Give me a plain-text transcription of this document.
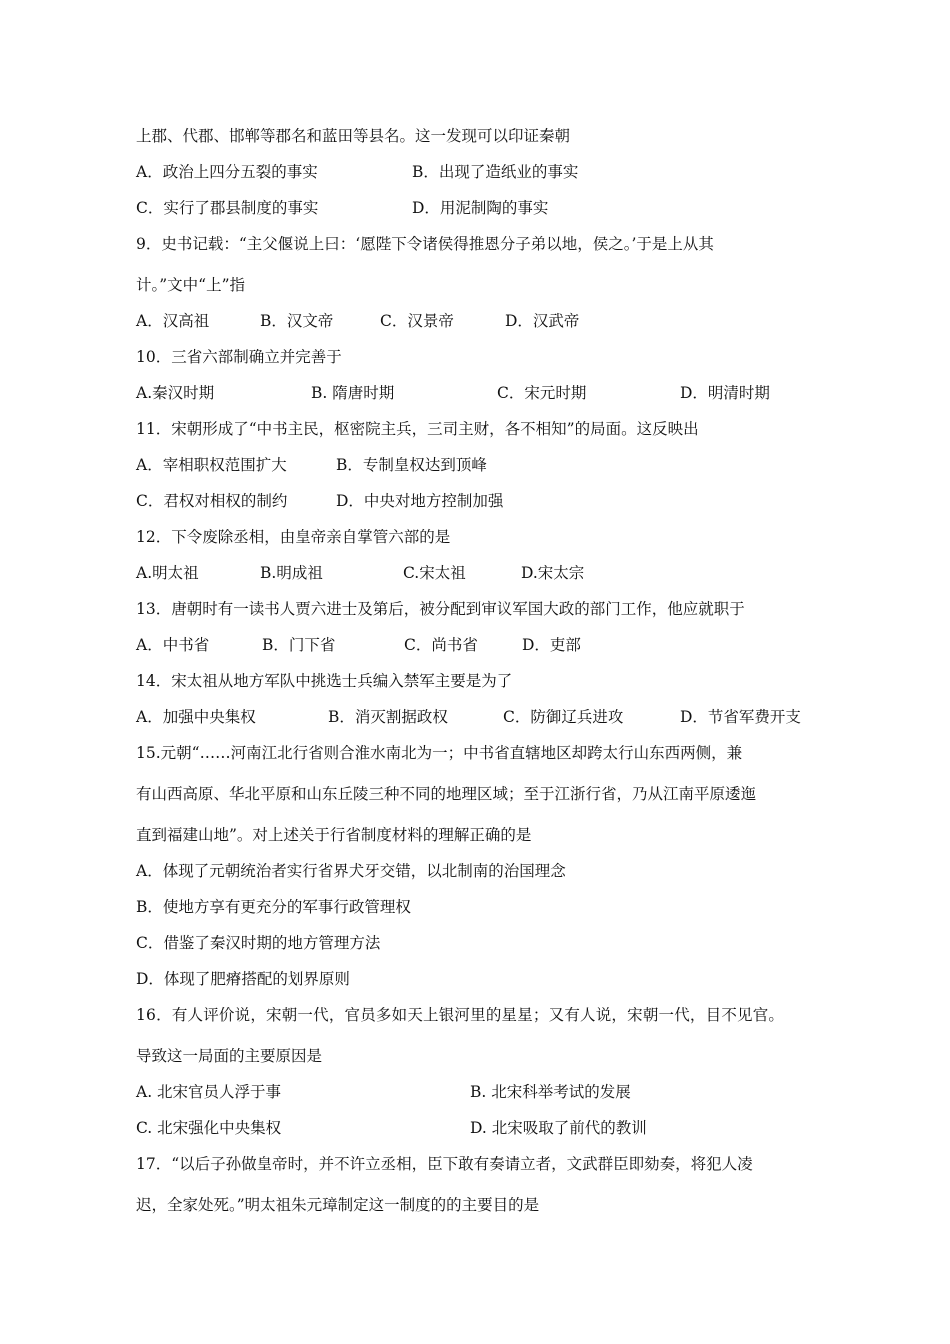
上郡、代郡、邯郸等郡名和蓝田等县名。这一发现可以印证秦朝
A．政治上四分五裂的事实	B．出现了造纸业的事实
C．实行了郡县制度的事实	D．用泥制陶的事实
9．史书记载：“主父偃说上曰：‘愿陛下令诸侯得推恩分子弟以地，侯之。’于是上从其
计。”文中“上”指
A．汉高祖	B．汉文帝	C．汉景帝	D．汉武帝
10．三省六部制确立并完善于
A.秦汉时期	B. 隋唐时期	C．宋元时期	D．明清时期
11．宋朝形成了“中书主民，枢密院主兵，三司主财，各不相知”的局面。这反映出
A．宰相职权范围扩大	B．专制皇权达到顶峰
C．君权对相权的制约	D．中央对地方控制加强
12．下令废除丞相，由皇帝亲自掌管六部的是
A.明太祖	B.明成祖	C.宋太祖	D.宋太宗
13．唐朝时有一读书人贾六进士及第后，被分配到审议军国大政的部门工作，他应就职于
A．中书省	B．门下省	C．尚书省	D．吏部
14．宋太祖从地方军队中挑选士兵编入禁军主要是为了
A．加强中央集权	B．消灭割据政权	C．防御辽兵进攻	D．节省军费开支
15.元朝“……河南江北行省则合淮水南北为一；中书省直辖地区却跨太行山东西两侧，兼
有山西高原、华北平原和山东丘陵三种不同的地理区域；至于江浙行省，乃从江南平原逶迤
直到福建山地”。对上述关于行省制度材料的理解正确的是
A．体现了元朝统治者实行省界犬牙交错，以北制南的治国理念
B．使地方享有更充分的军事行政管理权
C．借鉴了秦汉时期的地方管理方法
D．体现了肥瘠搭配的划界原则
16．有人评价说，宋朝一代，官员多如天上银河里的星星；又有人说，宋朝一代，目不见官。
导致这一局面的主要原因是
A. 北宋官员人浮于事	B. 北宋科举考试的发展
C. 北宋强化中央集权	D. 北宋吸取了前代的教训
17．“以后子孙做皇帝时，并不许立丞相，臣下敢有奏请立者，文武群臣即劾奏，将犯人凌
迟，全家处死。”明太祖朱元璋制定这一制度的的主要目的是
